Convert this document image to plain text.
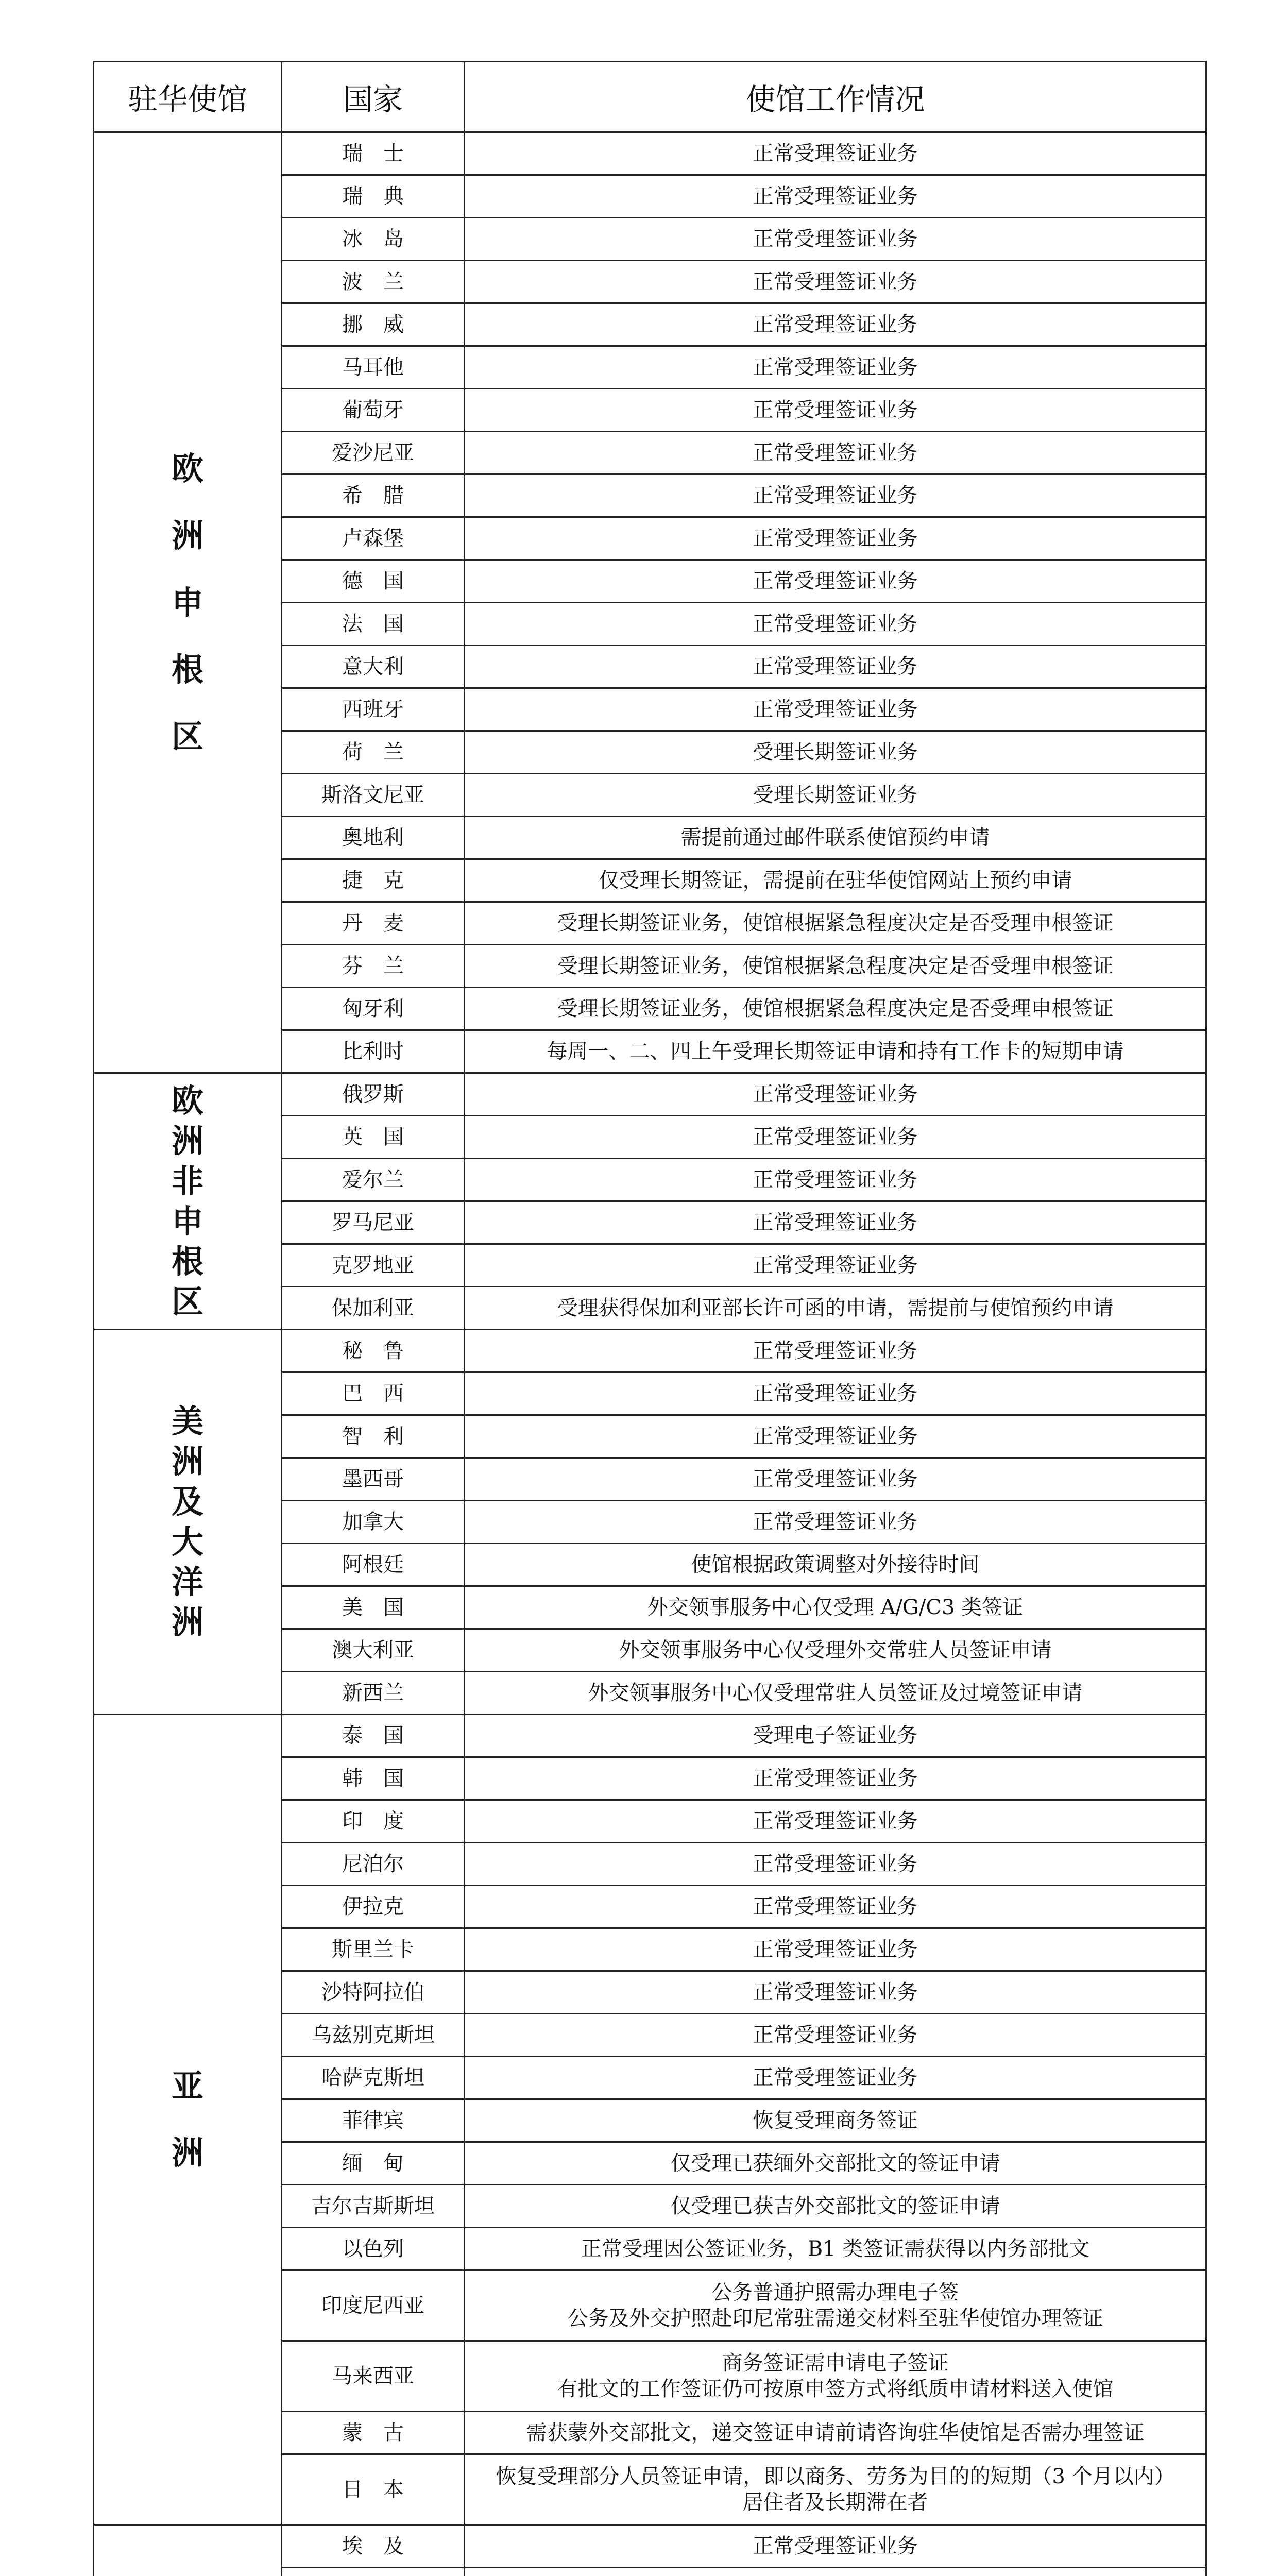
驻华使馆	国家	使馆工作情况
欧洲申根区	瑞　士	正常受理签证业务

	瑞　典	正常受理签证业务

	冰　岛	正常受理签证业务

	波　兰	正常受理签证业务

	挪　威	正常受理签证业务

	马耳他	正常受理签证业务

	葡萄牙	正常受理签证业务

	爱沙尼亚	正常受理签证业务

	希　腊	正常受理签证业务

	卢森堡	正常受理签证业务

	德　国	正常受理签证业务

	法　国	正常受理签证业务

	意大利	正常受理签证业务

	西班牙	正常受理签证业务

	荷　兰	受理长期签证业务

	斯洛文尼亚	受理长期签证业务

	奥地利	需提前通过邮件联系使馆预约申请

	捷　克	仅受理长期签证，需提前在驻华使馆网站上预约申请

	丹　麦	受理长期签证业务，使馆根据紧急程度决定是否受理申根签证

	芬　兰	受理长期签证业务，使馆根据紧急程度决定是否受理申根签证

	匈牙利	受理长期签证业务，使馆根据紧急程度决定是否受理申根签证

	比利时	每周一、二、四上午受理长期签证申请和持有工作卡的短期申请

欧洲非申根区	俄罗斯	正常受理签证业务

	英　国	正常受理签证业务

	爱尔兰	正常受理签证业务

	罗马尼亚	正常受理签证业务

	克罗地亚	正常受理签证业务

	保加利亚	受理获得保加利亚部长许可函的申请，需提前与使馆预约申请

美洲及大洋洲	秘　鲁	正常受理签证业务

	巴　西	正常受理签证业务

	智　利	正常受理签证业务

	墨西哥	正常受理签证业务

	加拿大	正常受理签证业务

	阿根廷	使馆根据政策调整对外接待时间

	美　国	外交领事服务中心仅受理 A/G/C3 类签证

	澳大利亚	外交领事服务中心仅受理外交常驻人员签证申请

	新西兰	外交领事服务中心仅受理常驻人员签证及过境签证申请

亚洲	泰　国	受理电子签证业务

	韩　国	正常受理签证业务

	印　度	正常受理签证业务

	尼泊尔	正常受理签证业务

	伊拉克	正常受理签证业务

	斯里兰卡	正常受理签证业务

	沙特阿拉伯	正常受理签证业务

	乌兹别克斯坦	正常受理签证业务

	哈萨克斯坦	正常受理签证业务

	菲律宾	恢复受理商务签证

	缅　甸	仅受理已获缅外交部批文的签证申请

	吉尔吉斯斯坦	仅受理已获吉外交部批文的签证申请

	以色列	正常受理因公签证业务，B1 类签证需获得以内务部批文

	印度尼西亚	公务普通护照需办理电子签
公务及外交护照赴印尼常驻需递交材料至驻华使馆办理签证

	马来西亚	商务签证需申请电子签证
有批文的工作签证仍可按原申签方式将纸质申请材料送入使馆

	蒙　古	需获蒙外交部批文，递交签证申请前请咨询驻华使馆是否需办理签证

	日　本	恢复受理部分人员签证申请，即以商务、劳务为目的的短期（3 个月以内）
居住者及长期滞在者

	埃　及	正常受理签证业务
